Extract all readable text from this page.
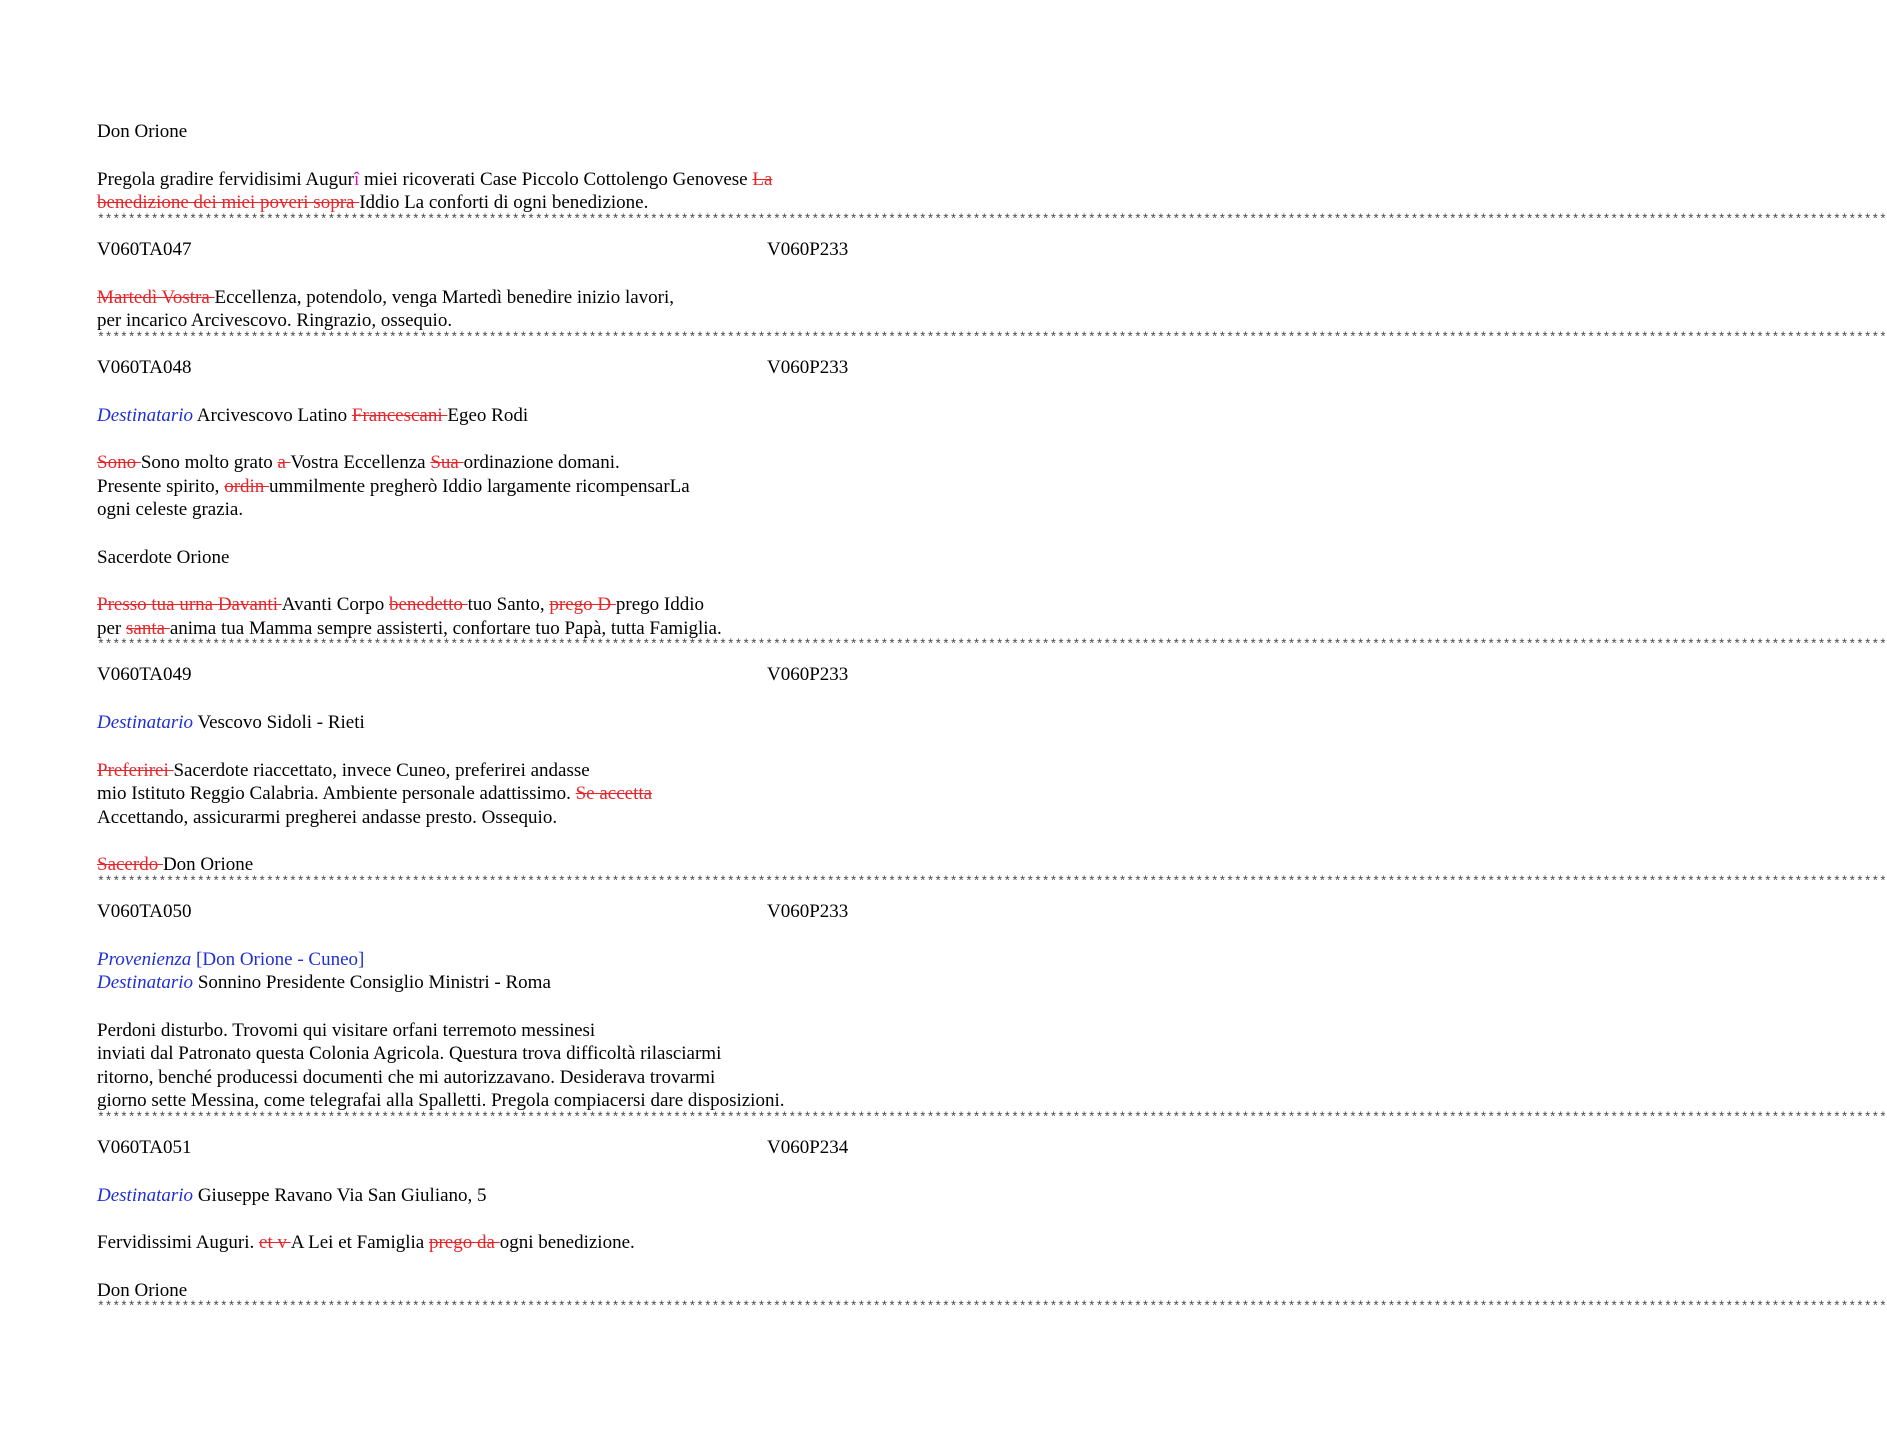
Don Orione
Pregola gradire fervidisimi Augurî miei ricoverati Case Piccolo Cottolengo Genovese La
benedizione dei miei poveri sopra Iddio La conforti di ogni benedizione.
*****************************************************************************************************************************************************************************************************************************************
V060TA047	V060P233
Martedì Vostra Eccellenza, potendolo, venga Martedì benedire inizio lavori,
per incarico Arcivescovo. Ringrazio, ossequio.
*****************************************************************************************************************************************************************************************************************************************
V060TA048	V060P233
Destinatario Arcivescovo Latino Francescani Egeo Rodi
Sono Sono molto grato a Vostra Eccellenza Sua ordinazione domani.
Presente spirito, ordin ummilmente pregherò Iddio largamente ricompensarLa
ogni celeste grazia.
Sacerdote Orione
Presso tua urna Davanti Avanti Corpo benedetto tuo Santo, prego D prego Iddio
per santa anima tua Mamma sempre assisterti, confortare tuo Papà, tutta Famiglia.
*****************************************************************************************************************************************************************************************************************************************
V060TA049	V060P233
Destinatario Vescovo Sidoli - Rieti
Preferirei Sacerdote riaccettato, invece Cuneo, preferirei andasse
mio Istituto Reggio Calabria. Ambiente personale adattissimo. Se accetta
Accettando, assicurarmi pregherei andasse presto. Ossequio.
Sacerdo Don Orione
*****************************************************************************************************************************************************************************************************************************************
V060TA050	V060P233
Provenienza [Don Orione - Cuneo]
Destinatario Sonnino Presidente Consiglio Ministri - Roma
Perdoni disturbo. Trovomi qui visitare orfani terremoto messinesi
inviati dal Patronato questa Colonia Agricola. Questura trova difficoltà rilasciarmi
ritorno, benché producessi documenti che mi autorizzavano. Desiderava trovarmi
giorno sette Messina, come telegrafai alla Spalletti. Pregola compiacersi dare disposizioni.
*****************************************************************************************************************************************************************************************************************************************
V060TA051	V060P234
Destinatario Giuseppe Ravano Via San Giuliano, 5
Fervidissimi Auguri. et v A Lei et Famiglia prego da ogni benedizione.
Don Orione
*****************************************************************************************************************************************************************************************************************************************
